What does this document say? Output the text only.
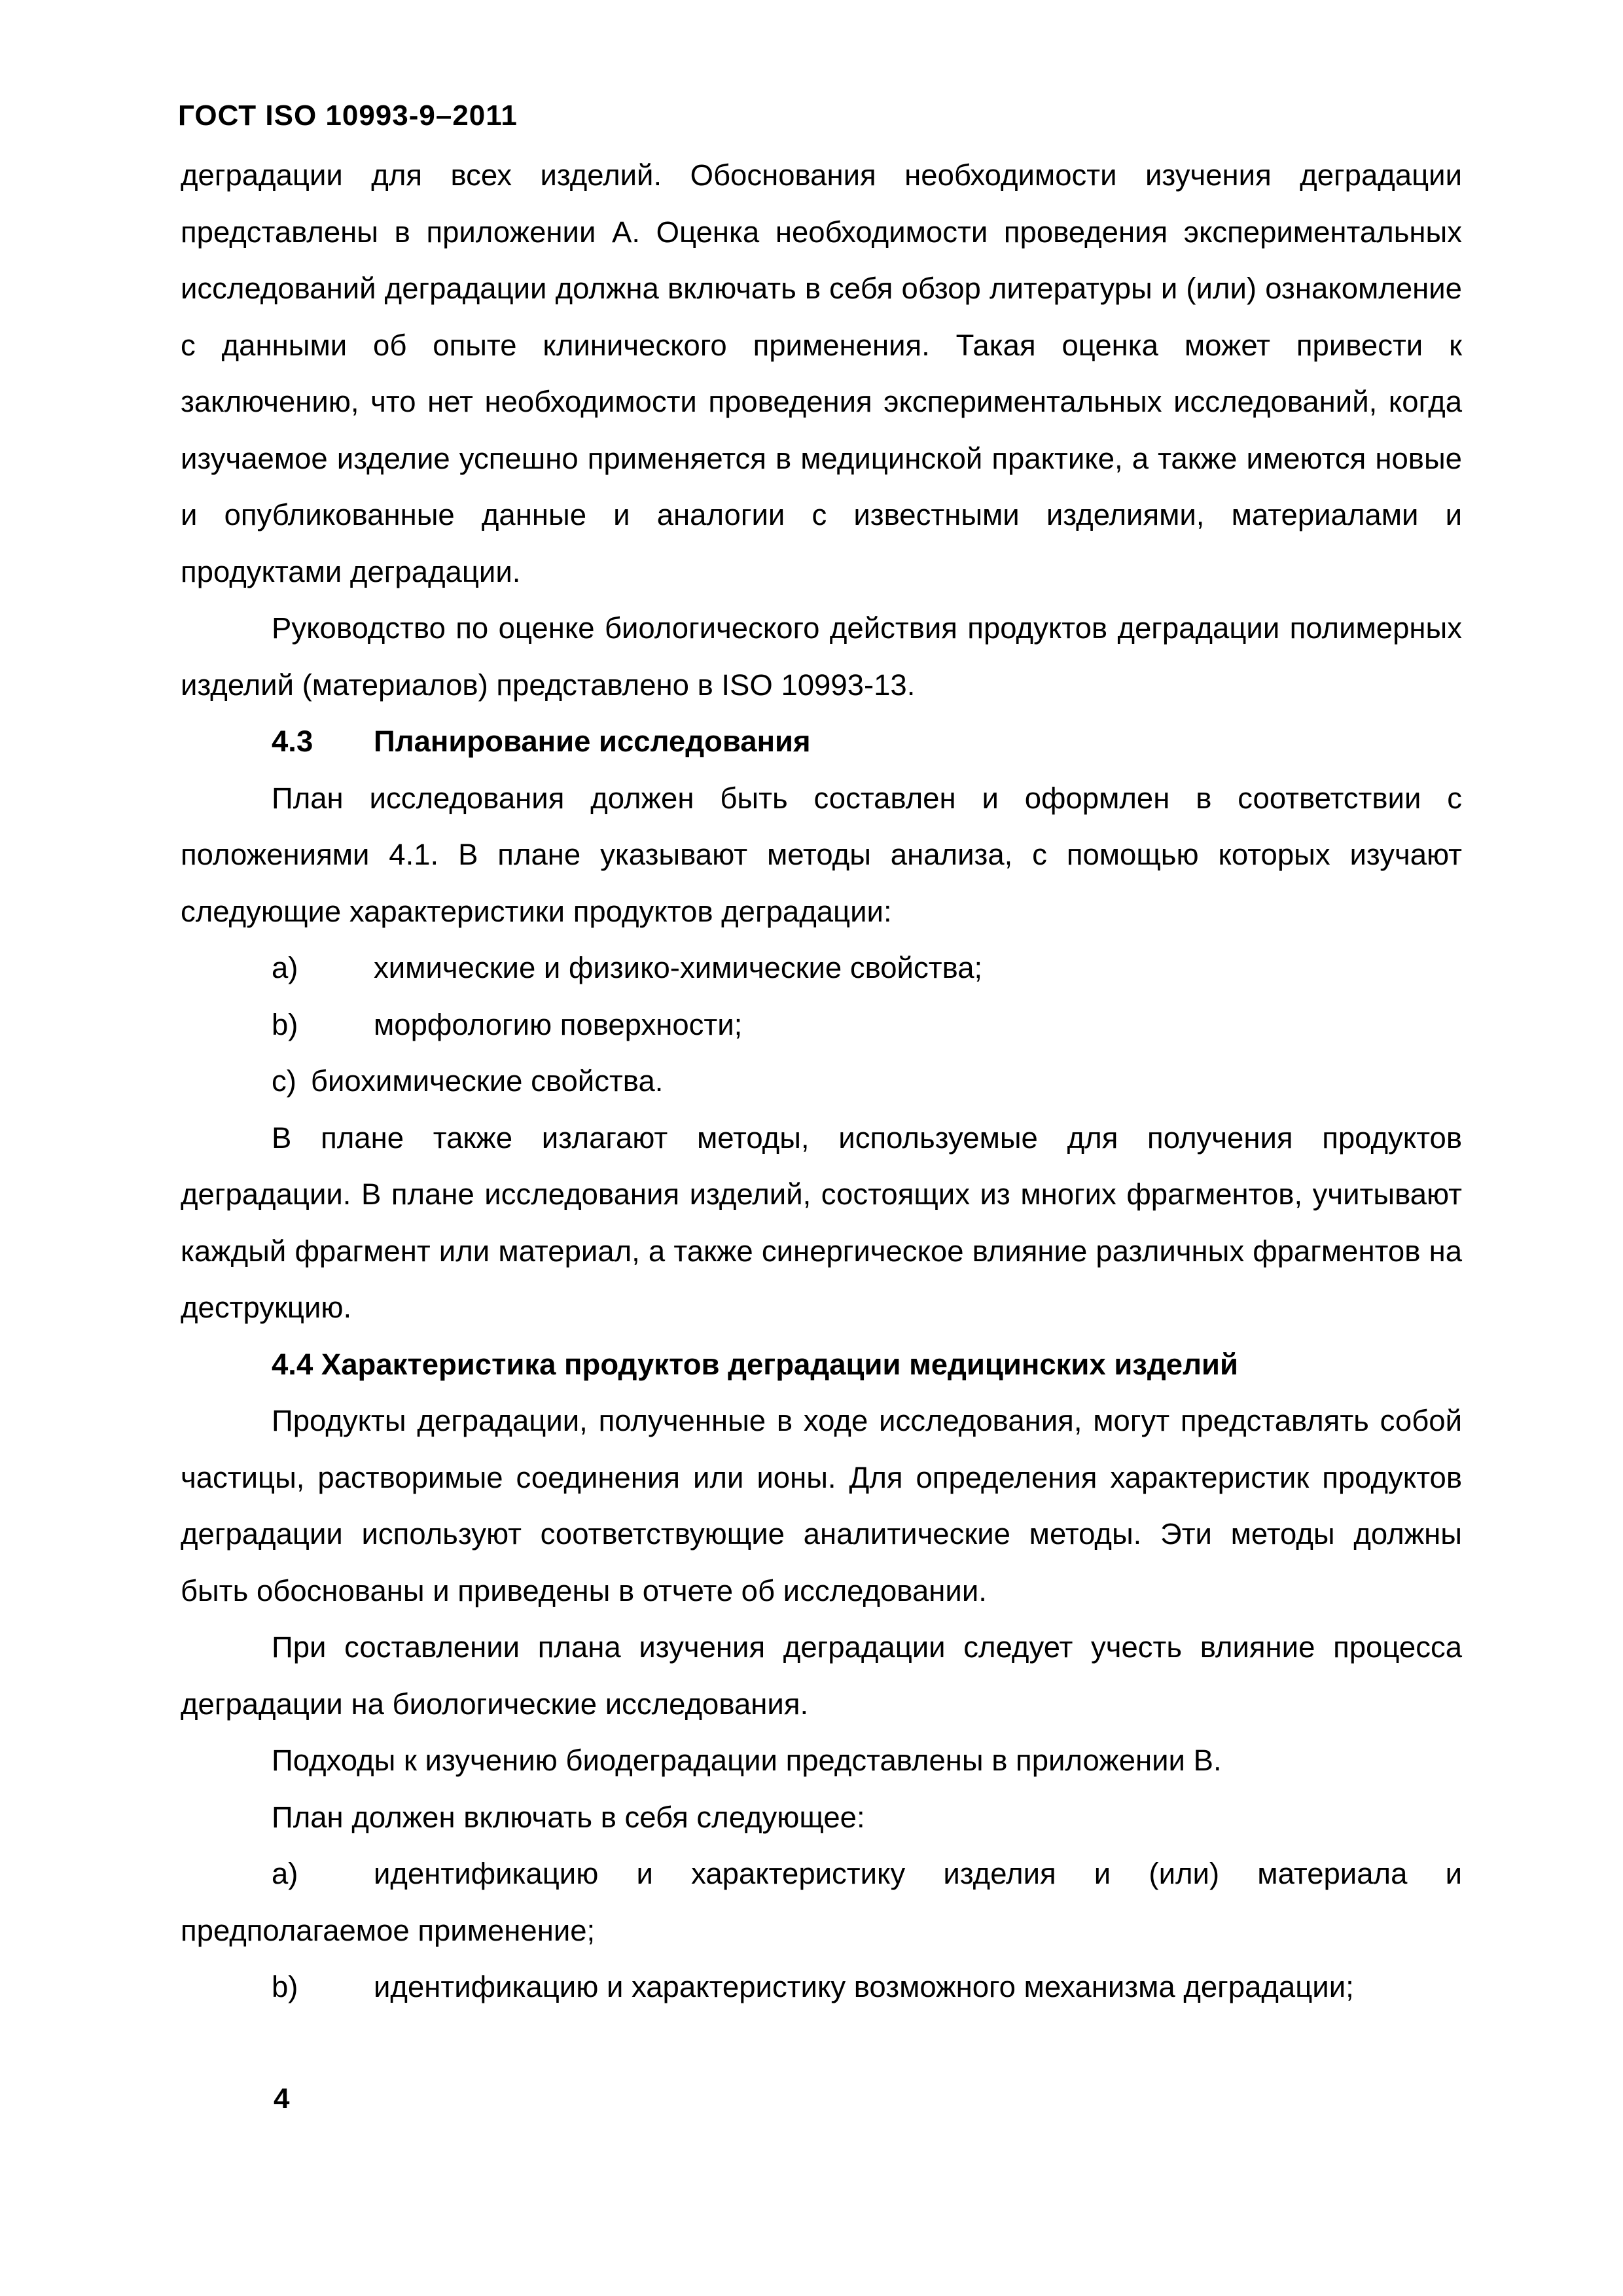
ГОСТ ISO 10993-9–2011

деградации для всех изделий. Обоснования необходимости изучения деградации представлены в приложении А. Оценка необходимости проведения экспериментальных исследований деградации должна включать в себя обзор литературы и (или) ознакомление с данными об опыте клинического применения. Такая оценка может привести к заключению, что нет необходимости проведения экспериментальных исследований, когда изучаемое изделие успешно применяется в медицинской практике, а также имеются новые и опубликованные данные и аналогии с известными изделиями, материалами и продуктами деградации.

Руководство по оценке биологического действия продуктов деградации полимерных изделий (материалов) представлено в ISO 10993-13.

4.3 Планирование исследования

План исследования должен быть составлен и оформлен в соответствии с положениями 4.1. В плане указывают методы анализа, с помощью которых изучают следующие характеристики продуктов деградации:

a)	химические и физико-химические свойства;

b)	морфологию поверхности;

c) биохимические свойства.

В плане также излагают методы, используемые для получения продуктов деградации. В плане исследования изделий, состоящих из многих фрагментов, учитывают каждый фрагмент или материал, а также синергическое влияние различных фрагментов на деструкцию.

4.4 Характеристика продуктов деградации медицинских изделий

Продукты деградации, полученные в ходе исследования, могут представлять собой частицы, растворимые соединения или ионы. Для определения характеристик продуктов деградации используют соответствующие аналитические методы. Эти методы должны быть обоснованы и приведены в отчете об исследовании.

При составлении плана изучения деградации следует учесть влияние процесса деградации на биологические исследования.

Подходы к изучению биодеградации представлены в приложении В.

План должен включать в себя следующее:

a)	идентификацию и характеристику изделия и (или) материала и предполагаемое применение;

b)	идентификацию и характеристику возможного механизма деградации;

4
